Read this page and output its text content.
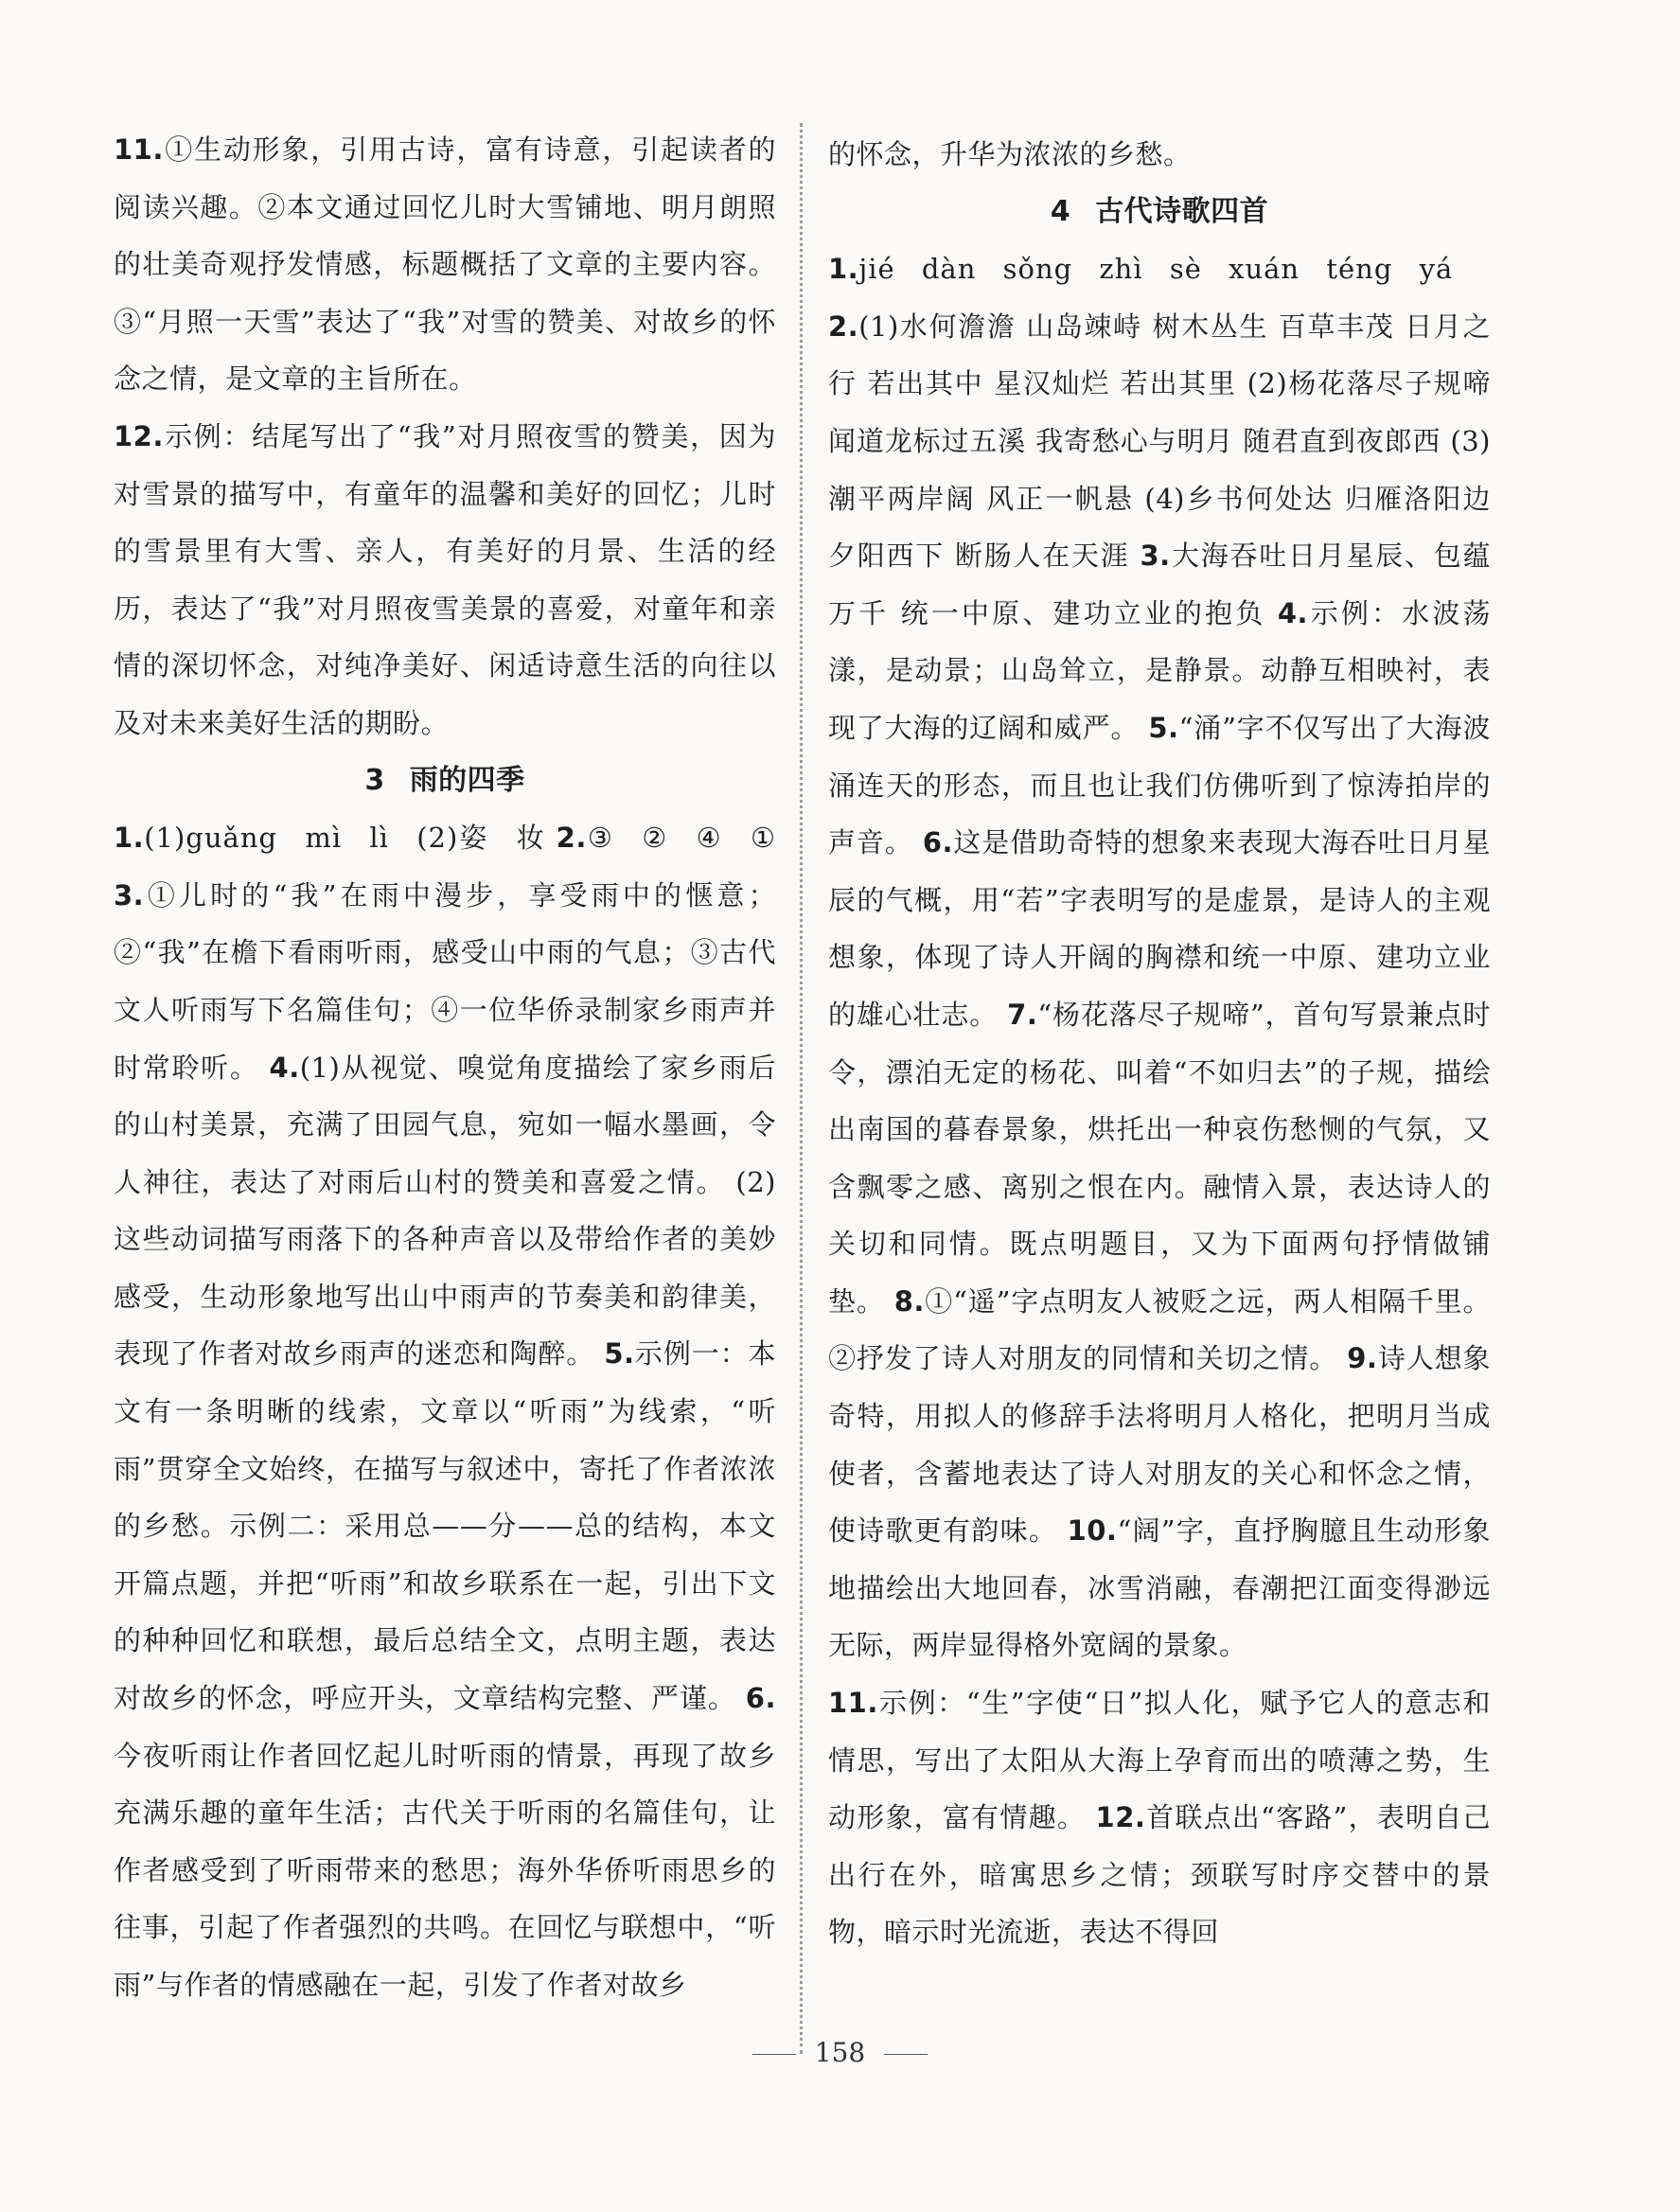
11.①生动形象，引用古诗，富有诗意，引起读者的阅读兴趣。②本文通过回忆儿时大雪铺地、明月朗照的壮美奇观抒发情感，标题概括了文章的主要内容。③“月照一天雪”表达了“我”对雪的赞美、对故乡的怀念之情，是文章的主旨所在。

12.示例：结尾写出了“我”对月照夜雪的赞美，因为对雪景的描写中，有童年的温馨和美好的回忆；儿时的雪景里有大雪、亲人，有美好的月景、生活的经历，表达了“我”对月照夜雪美景的喜爱，对童年和亲情的深切怀念，对纯净美好、闲适诗意生活的向往以及对未来美好生活的期盼。

3 雨的四季

1.(1)guǎng mì lì (2)姿 妆 2.③ ② ④ ① 3.①儿时的“我”在雨中漫步，享受雨中的惬意；②“我”在檐下看雨听雨，感受山中雨的气息；③古代文人听雨写下名篇佳句；④一位华侨录制家乡雨声并时常聆听。 4.(1)从视觉、嗅觉角度描绘了家乡雨后的山村美景，充满了田园气息，宛如一幅水墨画，令人神往，表达了对雨后山村的赞美和喜爱之情。 (2)这些动词描写雨落下的各种声音以及带给作者的美妙感受，生动形象地写出山中雨声的节奏美和韵律美，表现了作者对故乡雨声的迷恋和陶醉。 5.示例一：本文有一条明晰的线索，文章以“听雨”为线索，“听雨”贯穿全文始终，在描写与叙述中，寄托了作者浓浓的乡愁。示例二：采用总——分——总的结构，本文开篇点题，并把“听雨”和故乡联系在一起，引出下文的种种回忆和联想，最后总结全文，点明主题，表达对故乡的怀念，呼应开头，文章结构完整、严谨。 6.今夜听雨让作者回忆起儿时听雨的情景，再现了故乡充满乐趣的童年生活；古代关于听雨的名篇佳句，让作者感受到了听雨带来的愁思；海外华侨听雨思乡的往事，引起了作者强烈的共鸣。在回忆与联想中，“听雨”与作者的情感融在一起，引发了作者对故乡

的怀念，升华为浓浓的乡愁。

4 古代诗歌四首

1.jié dàn sǒng zhì sè xuán téng yá

2.(1)水何澹澹 山岛竦峙 树木丛生 百草丰茂 日月之行 若出其中 星汉灿烂 若出其里 (2)杨花落尽子规啼 闻道龙标过五溪 我寄愁心与明月 随君直到夜郎西 (3)潮平两岸阔 风正一帆悬 (4)乡书何处达 归雁洛阳边 夕阳西下 断肠人在天涯 3.大海吞吐日月星辰、包蕴万千 统一中原、建功立业的抱负 4.示例：水波荡漾，是动景；山岛耸立，是静景。动静互相映衬，表现了大海的辽阔和威严。 5.“涌”字不仅写出了大海波涌连天的形态，而且也让我们仿佛听到了惊涛拍岸的声音。 6.这是借助奇特的想象来表现大海吞吐日月星辰的气概，用“若”字表明写的是虚景，是诗人的主观想象，体现了诗人开阔的胸襟和统一中原、建功立业的雄心壮志。 7.“杨花落尽子规啼”，首句写景兼点时令，漂泊无定的杨花、叫着“不如归去”的子规，描绘出南国的暮春景象，烘托出一种哀伤愁恻的气氛，又含飘零之感、离别之恨在内。融情入景，表达诗人的关切和同情。既点明题目，又为下面两句抒情做铺垫。 8.①“遥”字点明友人被贬之远，两人相隔千里。②抒发了诗人对朋友的同情和关切之情。 9.诗人想象奇特，用拟人的修辞手法将明月人格化，把明月当成使者，含蓄地表达了诗人对朋友的关心和怀念之情，使诗歌更有韵味。 10.“阔”字，直抒胸臆且生动形象地描绘出大地回春，冰雪消融，春潮把江面变得渺远无际，两岸显得格外宽阔的景象。

11.示例：“生”字使“日”拟人化，赋予它人的意志和情思，写出了太阳从大海上孕育而出的喷薄之势，生动形象，富有情趣。 12.首联点出“客路”，表明自己出行在外，暗寓思乡之情；颈联写时序交替中的景物，暗示时光流逝，表达不得回

158
